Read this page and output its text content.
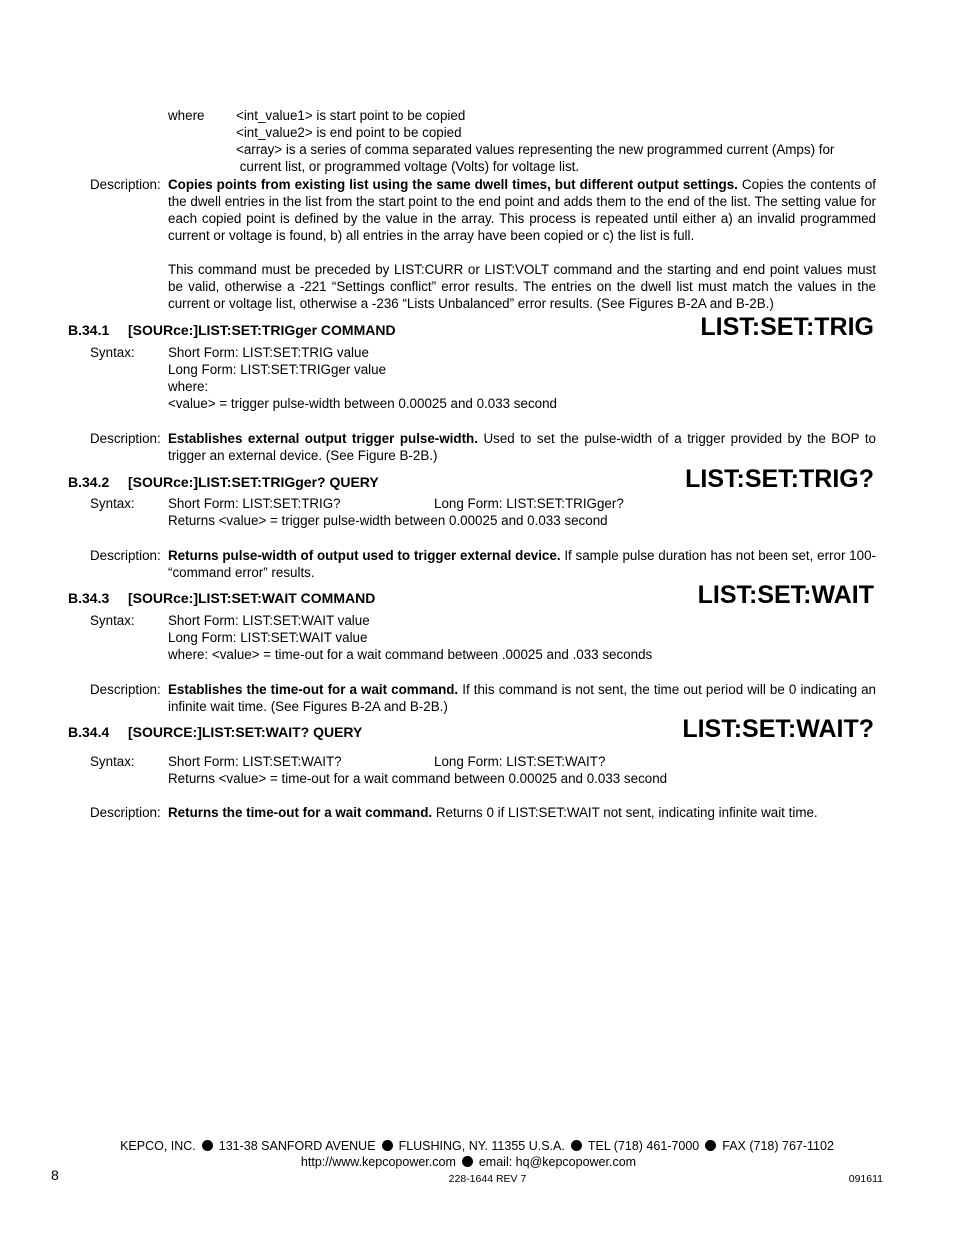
where <int_value1> is start point to be copied
<int_value2> is end point to be copied
<array> is a series of comma separated values representing the new programmed current (Amps) for
current list, or programmed voltage (Volts) for voltage list.
Description: Copies points from existing list using the same dwell times, but different output settings. Copies the contents of the dwell entries in the list from the start point to the end point and adds them to the end of the list. The setting value for each copied point is defined by the value in the array. This process is repeated until either a) an invalid programmed current or voltage is found, b) all entries in the array have been copied or c) the list is full.
This command must be preceded by LIST:CURR or LIST:VOLT command and the starting and end point values must be valid, otherwise a -221 “Settings conflict” error results. The entries on the dwell list must match the values in the current or voltage list, otherwise a -236 “Lists Unbalanced” error results. (See Figures B-2A and B-2B.)
B.34.1 [SOURce:]LIST:SET:TRIGger COMMAND	LIST:SET:TRIG
Syntax: Short Form: LIST:SET:TRIG value
Long Form: LIST:SET:TRIGger value
where:
<value> = trigger pulse-width between 0.00025 and 0.033 second
Description: Establishes external output trigger pulse-width. Used to set the pulse-width of a trigger provided by the BOP to trigger an external device. (See Figure B-2B.)
B.34.2 [SOURce:]LIST:SET:TRIGger? QUERY	LIST:SET:TRIG?
Syntax: Short Form: LIST:SET:TRIG?	Long Form: LIST:SET:TRIGger?
Returns <value> = trigger pulse-width between 0.00025 and 0.033 second
Description: Returns pulse-width of output used to trigger external device. If sample pulse duration has not been set, error 100- “command error” results.
B.34.3 [SOURce:]LIST:SET:WAIT COMMAND	LIST:SET:WAIT
Syntax: Short Form: LIST:SET:WAIT value
Long Form: LIST:SET:WAIT value
where: <value> = time-out for a wait command between .00025 and .033 seconds
Description: Establishes the time-out for a wait command. If this command is not sent, the time out period will be 0 indicating an infinite wait time. (See Figures B-2A and B-2B.)
B.34.4 [SOURCE:]LIST:SET:WAIT? QUERY	LIST:SET:WAIT?
Syntax: Short Form: LIST:SET:WAIT?	Long Form: LIST:SET:WAIT?
Returns <value> = time-out for a wait command between 0.00025 and 0.033 second
Description: Returns the time-out for a wait command. Returns 0 if LIST:SET:WAIT not sent, indicating infinite wait time.
KEPCO, INC. 131-38 SANFORD AVENUE FLUSHING, NY. 11355 U.S.A. TEL (718) 461-7000 FAX (718) 767-1102
http://www.kepcopower.com email: hq@kepcopower.com
8	228-1644 REV 7	091611
